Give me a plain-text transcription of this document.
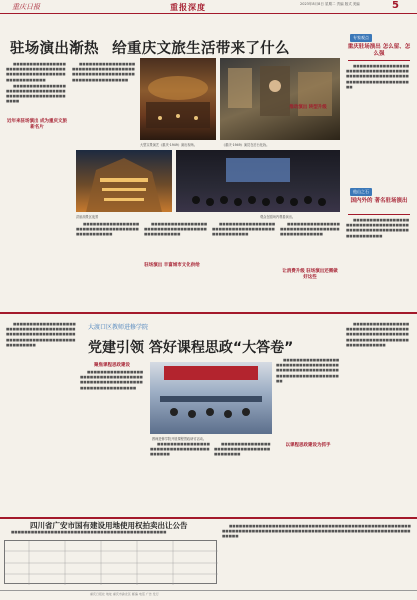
重庆日报	重报深度	2023年8月8日 星期二 责编 版式 美编	5
驻场演出渐热 给重庆文旅生活带来了什么

■■■■■■■■■■■■■■■■■■■■■■■■■■■■■■■■■■■■■■■■■■■■■■■■■■■■■■■■■■■■■■■■

■■■■■■■■■■■■■■■■■■■■■■■■■■■■■■■■■■■■■■■■■■■■■■■■■■■■■■■■

近年来驻场演出 成为重庆文旅新名片

■■■■■■■■■■■■■■■■■■■■■■■■■■■■■■■■■■■■■■■■■■■■■■■■■■■■■■■■■■■■■■■■■■■■■■■■

大型实景演艺《重庆·1949》演出现场。	《重庆·1949》演员在后台化妆。
洪崖洞景区夜景	观众在剧场内观看演出。

■■■■■■■■■■■■■■■■■■■■■■■■■■■■■■■■■■■■■■■■■■■■■■■

驻场演出 丰富城市文化供给

■■■■■■■■■■■■■■■■■■■■■■■■■■■■■■■■■■■■■■■■■■■■■■■

■■■■■■■■■■■■■■■■■■■■■■■■■■■■■■■■■■■■■■■■■■■■■■■

推动演出 转型升级

■■■■■■■■■■■■■■■■■■■■■■■■■■■■■■■■■■■■■■■■■■■■■■■

让消费升级 驻场演出还需做好这些
专家观点
重庆驻场演出 怎么留、怎么强

■■■■■■■■■■■■■■■■■■■■■■■■■■■■■■■■■■■■■■■■■■■■■■■■■■■■■■■■■■■■■■■■■■■■■■■■■■■■

他山之石
国内外的 著名驻场演出

■■■■■■■■■■■■■■■■■■■■■■■■■■■■■■■■■■■■■■■■■■■■■■■■■■■■■■■■■■■■■■■■■■

大渡口区教师进修学院
党建引领 答好课程思政“大答卷”

■■■■■■■■■■■■■■■■■■■■■■■■■■■■■■■■■■■■■■■■■■■■■■■■■■■■■■■■■■■■■■■■■■■■■■■■■■■■■■■■■■■■■■■■■■■

聚焦课程思政建设

■■■■■■■■■■■■■■■■■■■■■■■■■■■■■■■■■■■■■■■■■■■■■■■■■■■■■■■■■■■■■■■■■■■■■■■■

教师进修学院开展课程思政研讨活动。

■■■■■■■■■■■■■■■■■■■■■■■■■■■■■■■■■■■■■■■■

■■■■■■■■■■■■■■■■■■■■■■■■■■■■■■■■■■■■■■■■

以课程思政建设为抓手

■■■■■■■■■■■■■■■■■■■■■■■■■■■■■■■■■■■■■■■■■■■■■■■■■■■■■■■■■■■■■■■■■■■■■■■■■■■■

■■■■■■■■■■■■■■■■■■■■■■■■■■■■■■■■■■■■■■■■■■■■■■■■■■■■■■■■■■■■■■■■■■■■■■■■■■■■■■■■■■■■■■

四川省广安市国有建设用地使用权拍卖出让公告

■■■■■■■■■■■■■■■■■■■■■■■■■■■■■■■■■■■■■■■■■■■■■■■

■■■■■■■■■■■■■■■■■■■■■■■■■■■■■■■■■■■■■■■■■■■■■■■■■■■■■■■■■■■■■■■■■■■■■■■■■■■■■■■■■■■■■■■■■■■■■■■■■■■■■■■■■■■■■■■■■■■■■

重庆日报社 地址 重庆市渝北区 邮编 电话 广告 发行
